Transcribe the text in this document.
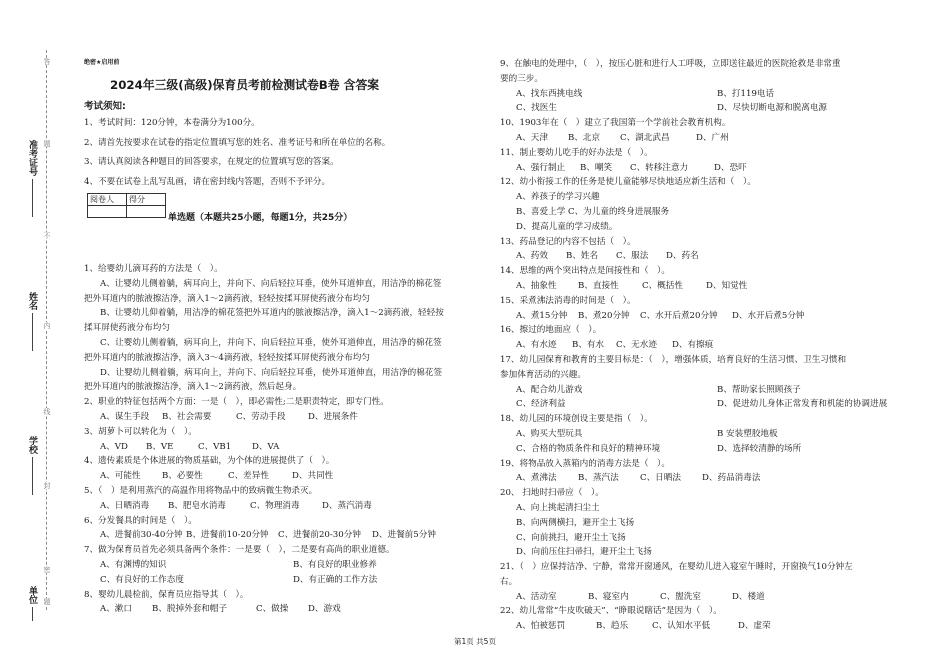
准考证号
姓名
学校
单位
答
题
不
内
线
封
密
题
绝密★启用前
2024年三级(高级)保育员考前检测试卷B卷 含答案
考试须知:
1、考试时间：120分钟，本卷满分为100分。
2、请首先按要求在试卷的指定位置填写您的姓名、准考证号和所在单位的名称。
3、请认真阅读各种题目的回答要求，在规定的位置填写您的答案。
4、不要在试卷上乱写乱画，请在密封线内答题，否则不予评分。
阅卷人	得分

单选题（本题共25小题，每题1分，共25分）
1、给婴幼儿滴耳药的方法是（　）。
A、让婴幼儿侧着躺，病耳向上，并向下、向后轻拉耳垂，使外耳道伸直，用洁净的棉花签
把外耳道内的脓液擦洁净，滴入1～2滴药液，轻轻按揉耳屏使药液分布均匀
B、让婴幼儿仰着躺，用洁净的棉花签把外耳道内的脓液擦洁净，滴入1～2滴药液，轻轻按
揉耳屏使药液分布均匀
C、让婴幼儿侧着躺，病耳向上，并向下、向后轻拉耳垂，使外耳道伸直，用洁净的棉花签
把外耳道内的脓液擦洁净，滴入3～4滴药液，轻轻按揉耳屏使药液分布均匀
D、让婴幼儿侧着躺，病耳向上，并向下、向后轻拉耳垂，使外耳道伸直，用洁净的棉花签
把外耳道内的脓液擦洁净，滴入1～2滴药液，然后起身。
2、职业的特征包括两个方面：一是（　），即必需性;二是职责特定，即专门性。
A、谋生手段	B、社会需要	C、劳动手段	D、进展条件
3、胡萝卜可以转化为（　）。
A、VD	B、VE	C、VB1	D、VA
4、遗传素质是个体进展的物质基础，为个体的进展提供了（　）。
A、可能性	B、必要性	C、差异性	D、共同性
5、（　）是利用蒸汽的高温作用将物品中的致病微生物杀灭。
A、日晒消毒	B、肥皂水消毒	C、物理消毒	D、蒸汽消毒
6、分发餐具的时间是（　）。
A、进餐前30-40分钟 B、进餐前10-20分钟	C、进餐前20-30分钟	D、进餐前5分钟
7、做为保育员首先必须具备两个条件：一是要（　），二是要有高尚的职业道德。
A、有渊博的知识	B、有良好的职业修养
C、有良好的工作态度	D、有正确的工作方法
8、婴幼儿晨检前，保育员应指导其（　）。
A、漱口	B、脱掉外套和帽子	C、做操	D、游戏
9、在触电的处理中，（　），按压心脏和进行人工呼吸，立即送往最近的医院抢救是非常重
要的三步。
A、找东西挑电线	B、打119电话
C、找医生	D、尽快切断电源和脱离电源
10、1903年在（　）建立了我国第一个学前社会教育机构。
A、天津	B、北京	C、湖北武昌	D、广州
11、制止婴幼儿吃手的好办法是（　）。
A、强行制止	B、嘲笑	C、转移注意力	D、恐吓
12、幼小衔接工作的任务是使儿童能够尽快地适应新生活和（　）。
A、养孩子的学习兴趣
B、喜爱上学 C、为儿童的终身进展服务
D、提高儿童的学习成绩。
13、药品登记的内容不包括（　）。
A、药效	B、姓名	C、服法	D、药名
14、思维的两个突出特点是间接性和（　）。
A、抽象性	B、直接性	C、概括性	D、知觉性
15、采煮沸法消毒的时间是（　）。
A、煮15分钟	B、煮20分钟	C、水开后煮20分钟	D、水开后煮5分钟
16、擦过的地面应（　）。
A、有水迹	B、有水	C、无水迹	D、有擦痕
17、幼儿园保育和教育的主要目标是：（　），增强体质，培育良好的生活习惯、卫生习惯和
参加体育活动的兴趣。
A、配合幼儿游戏	B、帮助家长照顾孩子
C、经济利益	D、促进幼儿身体正常发育和机能的协调进展
18、幼儿园的环境创设主要是指（　）。
A、购买大型玩具	B 安装塑胶地板
C、合格的物质条件和良好的精神环境	D、选择较清静的场所
19、将物品放入蒸箱内的消毒方法是（　）。
A、煮沸法	B、蒸汽法	C、日晒法	D、药品消毒法
20、 扫地时扫帚应（　）。
A、向上挑起清扫尘土
B、向两侧横扫，避开尘土飞扬
C、向前挑扫，避开尘土飞扬
D、向前压住扫帚扫，避开尘土飞扬
21、（　）应保持洁净、宁静，常常开窗通风，在婴幼儿进入寝室午睡时，开窗换气10分钟左
右。
A、活动室	B、寝室内	C、盥洗室	D、楼道
22、幼儿常常“牛皮吹破天”、“睁眼说瞎话”是因为（　）。
A、怕被惩罚	B、趋乐	C、认知水平低	D、虚荣
第1页 共5页
